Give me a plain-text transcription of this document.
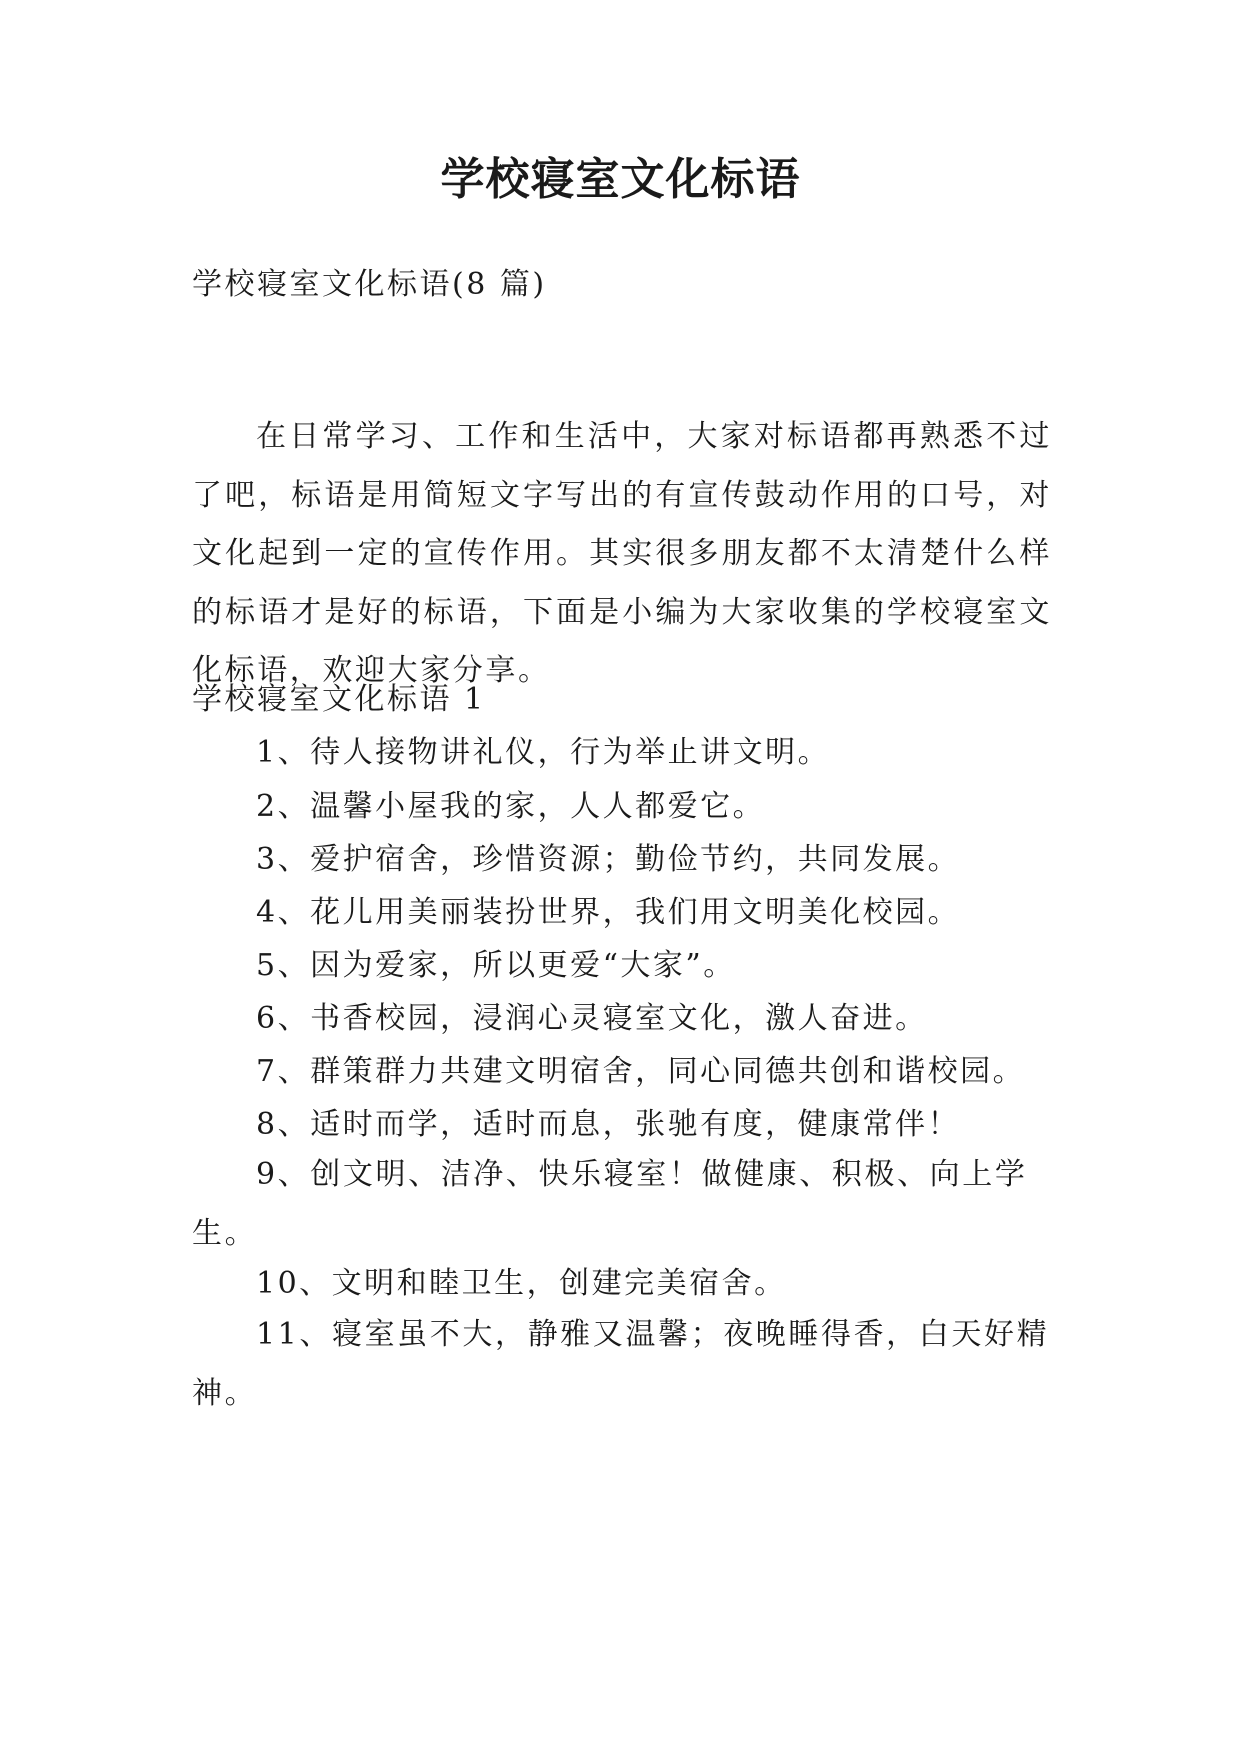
学校寝室文化标语
学校寝室文化标语(8 篇)
在日常学习、工作和生活中，大家对标语都再熟悉不过了吧，标语是用简短文字写出的有宣传鼓动作用的口号，对文化起到一定的宣传作用。其实很多朋友都不太清楚什么样的标语才是好的标语，下面是小编为大家收集的学校寝室文化标语，欢迎大家分享。
学校寝室文化标语 1
1、待人接物讲礼仪，行为举止讲文明。
2、温馨小屋我的家，人人都爱它。
3、爱护宿舍，珍惜资源；勤俭节约，共同发展。
4、花儿用美丽装扮世界，我们用文明美化校园。
5、因为爱家，所以更爱“大家”。
6、书香校园，浸润心灵寝室文化，激人奋进。
7、群策群力共建文明宿舍，同心同德共创和谐校园。
8、适时而学，适时而息，张驰有度，健康常伴！
9、创文明、洁净、快乐寝室！做健康、积极、向上学生。
10、文明和睦卫生，创建完美宿舍。
11、寝室虽不大，静雅又温馨；夜晚睡得香，白天好精神。
